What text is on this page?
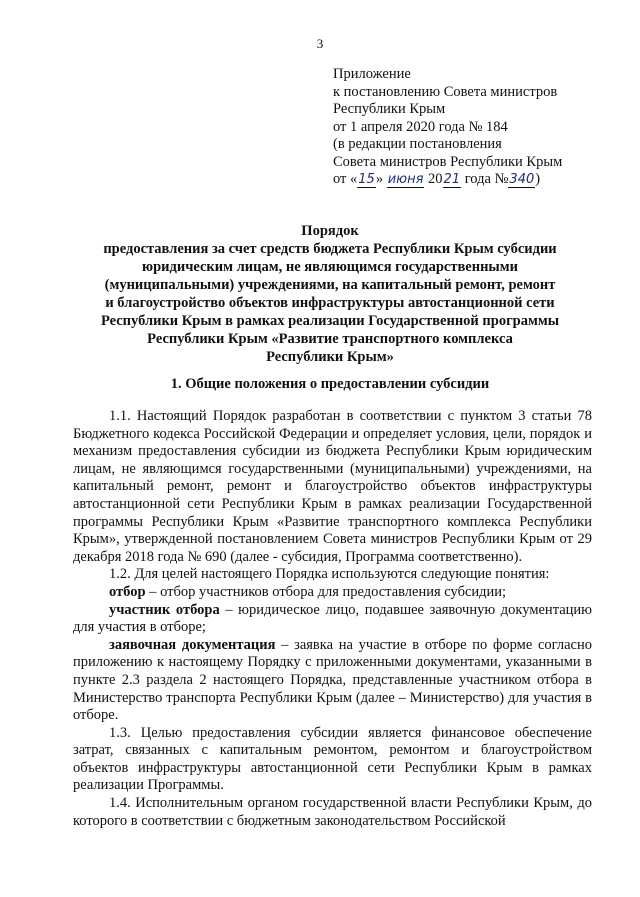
3
Приложение
к постановлению Совета министров
Республики Крым
от 1 апреля 2020 года № 184
(в редакции постановления
Совета министров Республики Крым
от «15» июня 2021 года №340)
Порядок
предоставления за счет средств бюджета Республики Крым субсидии
юридическим лицам, не являющимся государственными
(муниципальными) учреждениями, на капитальный ремонт, ремонт
и благоустройство объектов инфраструктуры автостанционной сети
Республики Крым в рамках реализации Государственной программы
Республики Крым «Развитие транспортного комплекса
Республики Крым»
1. Общие положения о предоставлении субсидии

1.1. Настоящий Порядок разработан в соответствии с пунктом 3 статьи 78 Бюджетного кодекса Российской Федерации и определяет условия, цели, порядок и механизм предоставления субсидии из бюджета Республики Крым юридическим лицам, не являющимся государственными (муниципальными) учреждениями, на капитальный ремонт, ремонт и благоустройство объектов инфраструктуры автостанционной сети Республики Крым в рамках реализации Государственной программы Республики Крым «Развитие транспортного комплекса Республики Крым», утвержденной постановлением Совета министров Республики Крым от 29 декабря 2018 года № 690 (далее - субсидия, Программа соответственно).

1.2. Для целей настоящего Порядка используются следующие понятия:

отбор – отбор участников отбора для предоставления субсидии;

участник отбора – юридическое лицо, подавшее заявочную документацию для участия в отборе;

заявочная документация – заявка на участие в отборе по форме согласно приложению к настоящему Порядку с приложенными документами, указанными в пункте 2.3 раздела 2 настоящего Порядка, представленные участником отбора в Министерство транспорта Республики Крым (далее – Министерство) для участия в отборе.

1.3. Целью предоставления субсидии является финансовое обеспечение затрат, связанных с капитальным ремонтом, ремонтом и благоустройством объектов инфраструктуры автостанционной сети Республики Крым в рамках реализации Программы.

1.4. Исполнительным органом государственной власти Республики Крым, до которого в соответствии с бюджетным законодательством Российской
